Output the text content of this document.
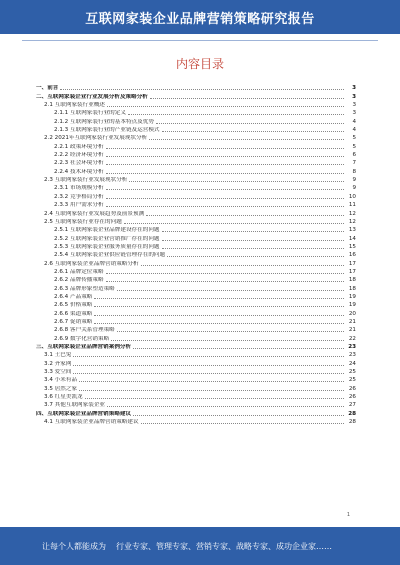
互联网家装企业品牌营销策略研究报告
内容目录
一、前言	3
二、互联网家装企业行业发展分析及策略分析	3
2.1 互联网家装行业概述	3
2.1.1 互联网家装行业的定义	3
2.1.2 互联网家装行业的基本特点及优势	4
2.1.3 互联网家装行业的产业链及运营模式	4
2.2 2021年互联网家装行业发展现状分析	5
2.2.1 政策环境分析	5
2.2.2 经济环境分析	6
2.2.3 社会环境分析	7
2.2.4 技术环境分析	8
2.3 互联网家装行业发展现状分析	9
2.3.1 市场规模分析	9
2.3.2 竞争格局分析	10
2.3.3 用户需求分析	11
2.4 互联网家装行业发展趋势及前景预测	12
2.5 互联网家装行业存在的问题	12
2.5.1 互联网家装企业品牌建设存在的问题	13
2.5.2 互联网家装企业营销推广存在的问题	14
2.5.3 互联网家装企业服务质量存在的问题	15
2.5.4 互联网家装企业供应链管理存在的问题	16
2.6 互联网家装企业品牌营销策略分析	17
2.6.1 品牌定位策略	17
2.6.2 品牌传播策略	18
2.6.3 品牌形象塑造策略	18
2.6.4 产品策略	19
2.6.5 价格策略	19
2.6.6 渠道策略	20
2.6.7 促销策略	21
2.6.8 客户关系管理策略	21
2.6.9 数字化营销策略	22
三、互联网家装企业品牌营销案例分析	23
3.1 土巴兔	23
3.2 齐家网	24
3.3 爱空间	25
3.4 小米有品	25
3.5 居然之家	26
3.6 红星美凯龙	26
3.7 其他互联网家装企业	27
四、互联网家装企业品牌营销策略建议	28
4.1 互联网家装企业品牌营销策略建议	28
1
让每个人都能成为 行业专家、管理专家、营销专家、战略专家、成功企业家……
